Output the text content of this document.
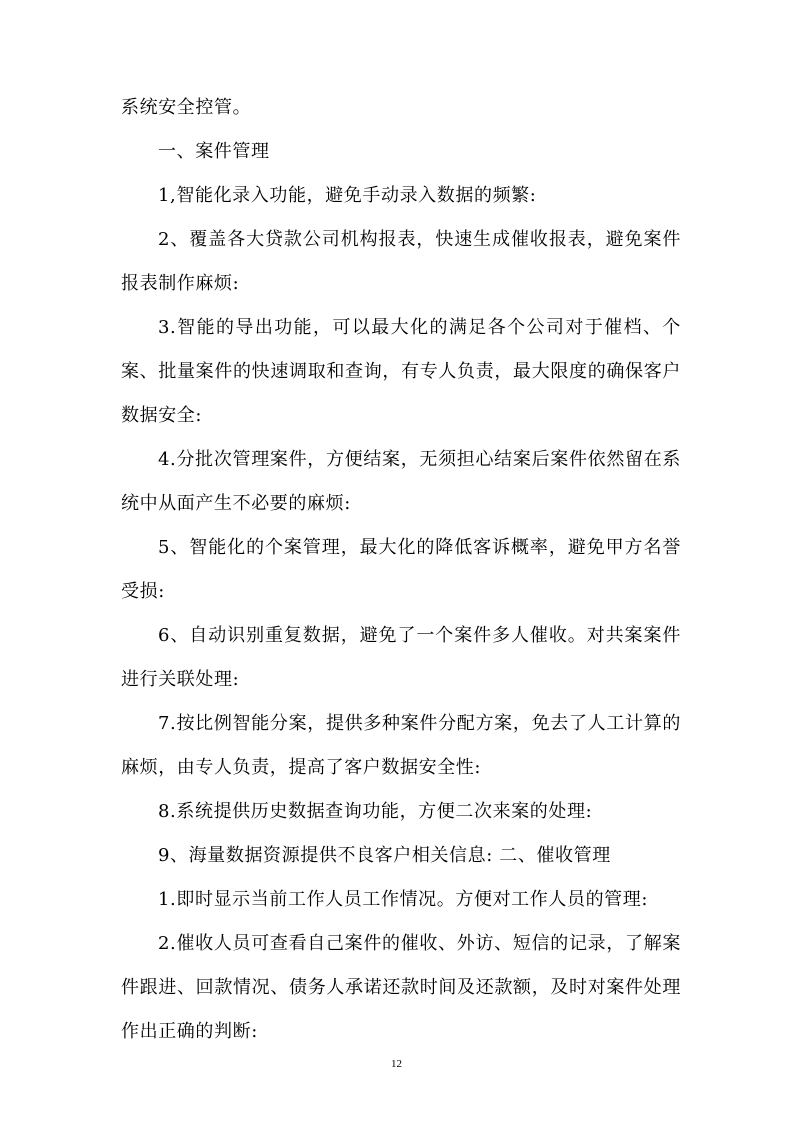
系统安全控管。

一、案件管理

1,智能化录入功能，避免手动录入数据的频繁:

2、覆盖各大贷款公司机构报表，快速生成催收报表，避免案件报表制作麻烦:

3.智能的导出功能，可以最大化的满足各个公司对于催档、个案、批量案件的快速调取和查询，有专人负责，最大限度的确保客户数据安全:

4.分批次管理案件，方便结案，无须担心结案后案件依然留在系统中从面产生不必要的麻烦:

5、智能化的个案管理，最大化的降低客诉概率，避免甲方名誉受损:

6、自动识别重复数据，避免了一个案件多人催收。对共案案件进行关联处理:

7.按比例智能分案，提供多种案件分配方案，免去了人工计算的麻烦，由专人负责，提高了客户数据安全性:

8.系统提供历史数据查询功能，方便二次来案的处理:

9、海量数据资源提供不良客户相关信息: 二、催收管理

1.即时显示当前工作人员工作情况。方便对工作人员的管理:

2.催收人员可查看自己案件的催收、外访、短信的记录，了解案件跟进、回款情况、债务人承诺还款时间及还款额，及时对案件处理作出正确的判断:

12
